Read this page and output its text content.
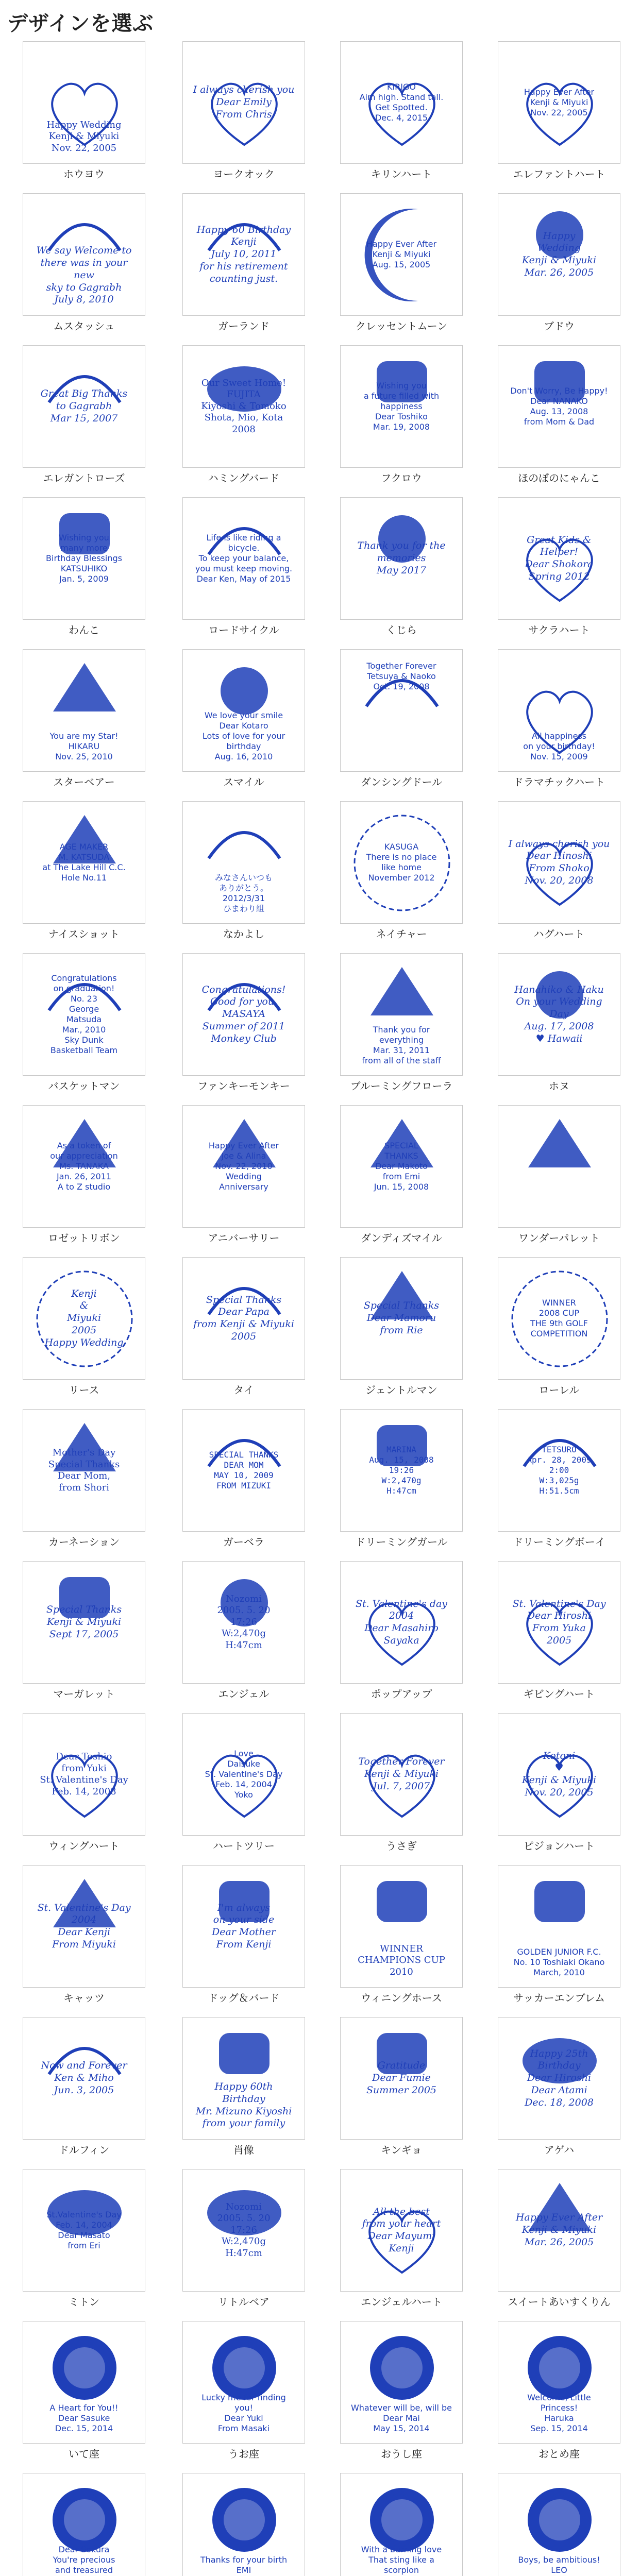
デザインを選ぶ
Happy Wedding
Kenji & Miyuki
Nov. 22, 2005
ホウヨウ
I always cherish you
Dear Emily
From Chris
ヨークオック
KIRIGO
Aim high. Stand tall.
Get Spotted.
Dec. 4, 2015
キリンハート
Happy Ever After
Kenji & Miyuki
Nov. 22, 2005
エレファントハート
We say Welcome to there was in your new
sky to Gagrabh
July 8, 2010
ムスタッシュ
Happy 60 Birthday
Kenji
July 10, 2011
for his retirement
counting just.
ガーランド
Happy Ever After
Kenji & Miyuki
Aug. 15, 2005
クレッセントムーン
Happy
Wedding
Kenji & Miyuki
Mar. 26, 2005
ブドウ
Great Big Thanks
to Gagrabh
Mar 15, 2007
エレガントローズ
Our Sweet Home!
FUJITA
Kiyoshi & Tomoko
Shota, Mio, Kota
2008
ハミングバード
Wishing you
a future filled with
happiness
Dear Toshiko
Mar. 19, 2008
フクロウ
Don't Worry, Be Happy!
Dear NANAKO
Aug. 13, 2008
from Mom & Dad
ほのぼのにゃんこ
Wishing you
many more
Birthday Blessings
KATSUHIKO
Jan. 5, 2009
わんこ
Life is like riding a bicycle.
To keep your balance,
you must keep moving.
Dear Ken, May of 2015
ロードサイクル
Thank you for the
memories
May 2017
くじら
Great Kids & Helper!
Dear Shokora
Spring 2012
サクラハート
You are my Star!
HIKARU
Nov. 25, 2010
スターベアー
We love your smile
Dear Kotaro
Lots of love for your birthday
Aug. 16, 2010
スマイル
Together Forever
Tetsuya & Naoko
Oct. 19, 2008
ダンシングドール
All happiness
on your birthday!
Nov. 15, 2009
ドラマチックハート
AGE MAKER
M. KATSUDA
at The Lake Hill C.C.
Hole No.11
ナイスショット
みなさんいつも
ありがとう。
2012/3/31
ひまわり組
なかよし
KASUGA
There is no place
like home
November 2012
ネイチャー
I always cherish you
Dear Hinoshi
From Shoko
Nov. 20, 2008
ハグハート
Congratulations
on graduation!
No. 23
George
Matsuda
Mar., 2010
Sky Dunk
Basketball Team
バスケットマン
Congratulations!
Good for you,
MASAYA
Summer of 2011
Monkey Club
ファンキーモンキー
Thank you for everything
Mar. 31, 2011
from all of the staff
ブルーミングフローラ
Hanahiko & Haku
On your Wedding Day
Aug. 17, 2008
♥ Hawaii
ホヌ
As a token of
our appreciation
Ms. TANAKA
Jan. 26, 2011
A to Z studio
ロゼットリボン
Happy Ever After
Joe & Alina
Nov. 22, 2010
Wedding
Anniversary
アニバーサリー
SPECIAL
THANKS
Dear Makoto
from Emi
Jun. 15, 2008
ダンディズマイル	ワンダーパレット
Kenji
&
Miyuki
2005
Happy Wedding
リース
Special Thanks
Dear Papa
from Kenji & Miyuki
2005
タイ
Special Thanks
Dear Mamoru
from Rie
ジェントルマン
WINNER
2008 CUP
THE 9th GOLF COMPETITION
ローレル
Mother's Day
Special Thanks
Dear Mom,
from Shori
カーネーション
SPECIAL THANKS
DEAR MOM
MAY 10, 2009
FROM MIZUKI
ガーベラ
MARINA
Aug. 15, 2008
19:26
W:2,470g
H:47cm
ドリーミングガール
TETSURO
Apr. 28, 2009
2:00
W:3,025g
H:51.5cm
ドリーミングボーイ
Special Thanks
Kenji & Miyuki
Sept 17, 2005
マーガレット
Nozomi
2005. 5. 20
17:26
W:2,470g
H:47cm
エンジェル
St. Valentine's day
2004
Dear Masahiro
Sayaka
ポップアップ
St. Valentine's Day
Dear Hiroshi
From Yuka
2005
ギビングハート
Dear Toshio
from Yuki
St. Valentine's Day
Feb. 14, 2008
ウィングハート
Love
Daisuke
St. Valentine's Day
Feb. 14, 2004
Yoko
ハートツリー
Together Forever
Kenji & Miyuki
Jul. 7, 2007
うさぎ
Kotoni
♥
Kenji & Miyuki
Nov. 20, 2005
ピジョンハート
St. Valentine's Day
2004
Dear Kenji
From Miyuki
キャッツ
I'm always
on your side
Dear Mother
From Kenji
ドッグ＆バード
WINNER
CHAMPIONS CUP
2010
ウィニングホース
GOLDEN JUNIOR F.C.
No. 10 Toshiaki Okano
March, 2010
サッカーエンブレム
Now and Forever
Ken & Miho
Jun. 3, 2005
ドルフィン
Happy 60th Birthday
Mr. Mizuno Kiyoshi
from your family
肖像
Gratitude
Dear Fumie
Summer 2005
キンギョ
Happy 25th Birthday
Dear Hiroshi
Dear Atami
Dec. 18, 2008
アゲハ
St.Valentine's Day
Feb. 14, 2004
Dear Masato
from Eri
ミトン
Nozomi
2005. 5. 20
17:26
W:2,470g
H:47cm
リトルベア
All the best
from your heart
Dear Mayumi
Kenji
エンジェルハート
Happy Ever After
Kenji & Miyuki
Mar. 26, 2005
スイートあいすくりん
A Heart for You!!
Dear Sasuke
Dec. 15, 2014
いて座
Lucky me for finding you!
Dear Yuki
From Masaki
うお座
Whatever will be, will be
Dear Mai
May 15, 2014
おうし座
Welcome, Little Princess!
Haruka
Sep. 15, 2014
おとめ座
Dear Sokura
You're precious
and treasured

Thanks for your birth
EMI

With a burning love
That sting like a scorpion

Boys, be ambitious!
LEO
